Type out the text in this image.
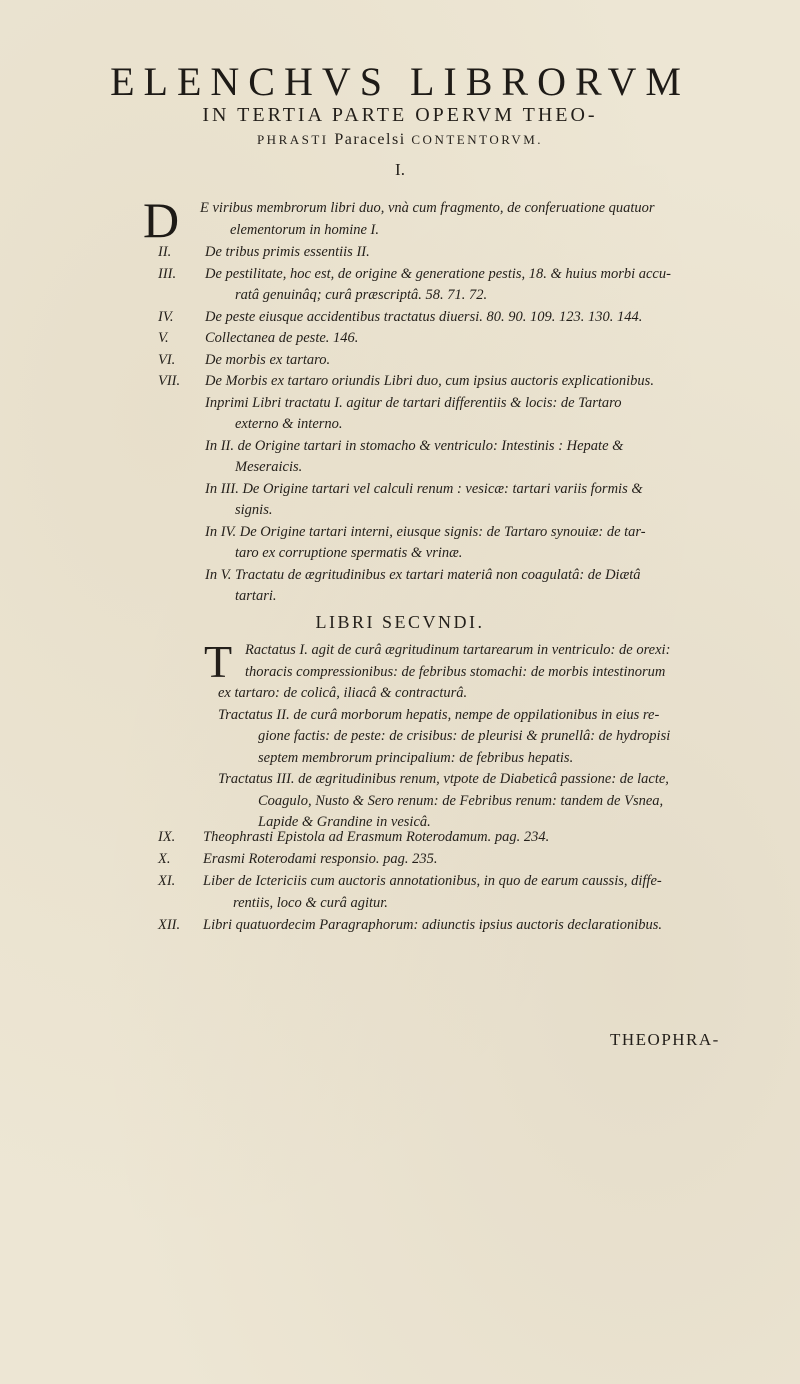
ELENCHVS LIBRORVM
IN TERTIA PARTE OPERVM THEO-
PHRASTI Paracelsi CONTENTORVM.
I.
D E viribus membrorum libri duo, vnà cum fragmento, de conferuatione quatuor
elementorum in homine I.
II.	De tribus primis essentiis II.
III.	De pestilitate, hoc est, de origine & generatione pestis, 18. & huius morbi accu-
ratâ genuinâq; curâ præscriptâ. 58. 71. 72.
IV.	De peste eiusque accidentibus tractatus diuersi. 80. 90. 109. 123. 130. 144.
V.	Collectanea de peste. 146.
VI.	De morbis ex tartaro.
VII.	De Morbis ex tartaro oriundis Libri duo, cum ipsius auctoris explicationibus.
Inprimi Libri tractatu I. agitur de tartari differentiis & locis: de Tartaro
externo & interno.
In II. de Origine tartari in stomacho & ventriculo: Intestinis : Hepate &
Meseraicis.
In III. De Origine tartari vel calculi renum : vesicæ: tartari variis formis &
signis.
In IV. De Origine tartari interni, eiusque signis: de Tartaro synouiæ: de tar-
taro ex corruptione spermatis & vrinæ.
In V. Tractatu de ægritudinibus ex tartari materiâ non coagulatâ: de Diætâ
tartari.
LIBRI SECVNDI.
T Ractatus I. agit de curâ ægritudinum tartarearum in ventriculo: de orexi:
thoracis compressionibus: de febribus stomachi: de morbis intestinorum
ex tartaro: de colicâ, iliacâ & contracturâ.
Tractatus II. de curâ morborum hepatis, nempe de oppilationibus in eius re-
gione factis: de peste: de crisibus: de pleurisi & prunellâ: de hydropisi
septem membrorum principalium: de febribus hepatis.
Tractatus III. de ægritudinibus renum, vtpote de Diabeticâ passione: de lacte,
Coagulo, Nusto & Sero renum: de Febribus renum: tandem de Vsnea,
Lapide & Grandine in vesicâ.
IX.	Theophrasti Epistola ad Erasmum Roterodamum. pag. 234.
X.	Erasmi Roterodami responsio. pag. 235.
XI.	Liber de Ictericiis cum auctoris annotationibus, in quo de earum caussis, diffe-
rentiis, loco & curâ agitur.
XII.	Libri quatuordecim Paragraphorum: adiunctis ipsius auctoris declarationibus.
THEOPHRA-
